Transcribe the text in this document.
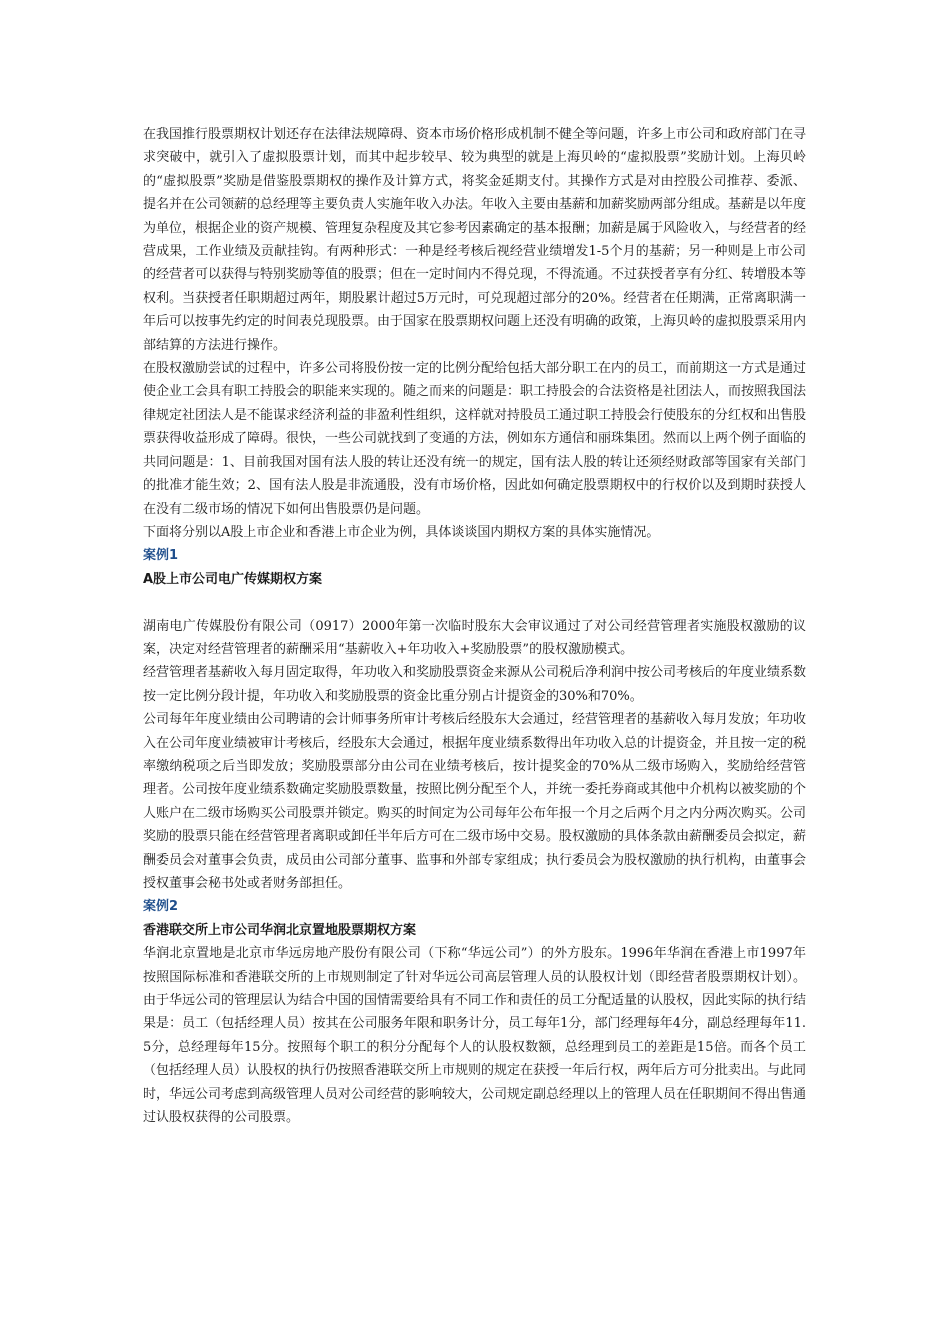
在我国推行股票期权计划还存在法律法规障碍、资本市场价格形成机制不健全等问题，许多上市公司和政府部门在寻求突破中，就引入了虚拟股票计划，而其中起步较早、较为典型的就是上海贝岭的“虚拟股票”奖励计划。上海贝岭的“虚拟股票”奖励是借鉴股票期权的操作及计算方式，将奖金延期支付。其操作方式是对由控股公司推荐、委派、提名并在公司领薪的总经理等主要负责人实施年收入办法。年收入主要由基薪和加薪奖励两部分组成。基薪是以年度为单位，根据企业的资产规模、管理复杂程度及其它参考因素确定的基本报酬；加薪是属于风险收入，与经营者的经营成果，工作业绩及贡献挂钩。有两种形式：一种是经考核后视经营业绩增发1-5个月的基薪；另一种则是上市公司的经营者可以获得与特别奖励等值的股票；但在一定时间内不得兑现，不得流通。不过获授者享有分红、转增股本等权利。当获授者任职期超过两年，期股累计超过5万元时，可兑现超过部分的20%。经营者在任期满，正常离职满一年后可以按事先约定的时间表兑现股票。由于国家在股票期权问题上还没有明确的政策，上海贝岭的虚拟股票采用内部结算的方法进行操作。

在股权激励尝试的过程中，许多公司将股份按一定的比例分配给包括大部分职工在内的员工，而前期这一方式是通过使企业工会具有职工持股会的职能来实现的。随之而来的问题是：职工持股会的合法资格是社团法人，而按照我国法律规定社团法人是不能谋求经济利益的非盈利性组织，这样就对持股员工通过职工持股会行使股东的分红权和出售股票获得收益形成了障碍。很快，一些公司就找到了变通的方法，例如东方通信和丽珠集团。然而以上两个例子面临的共同问题是：1、目前我国对国有法人股的转让还没有统一的规定，国有法人股的转让还须经财政部等国家有关部门的批准才能生效；2、国有法人股是非流通股，没有市场价格，因此如何确定股票期权中的行权价以及到期时获授人在没有二级市场的情况下如何出售股票仍是问题。

下面将分别以A股上市企业和香港上市企业为例，具体谈谈国内期权方案的具体实施情况。

案例1

A股上市公司电广传媒期权方案

湖南电广传媒股份有限公司（0917）2000年第一次临时股东大会审议通过了对公司经营管理者实施股权激励的议案，决定对经营管理者的薪酬采用“基薪收入+年功收入+奖励股票”的股权激励模式。

经营管理者基薪收入每月固定取得，年功收入和奖励股票资金来源从公司税后净利润中按公司考核后的年度业绩系数按一定比例分段计提，年功收入和奖励股票的资金比重分别占计提资金的30%和70%。

公司每年年度业绩由公司聘请的会计师事务所审计考核后经股东大会通过，经营管理者的基薪收入每月发放；年功收入在公司年度业绩被审计考核后，经股东大会通过，根据年度业绩系数得出年功收入总的计提资金，并且按一定的税率缴纳税项之后当即发放；奖励股票部分由公司在业绩考核后，按计提奖金的70%从二级市场购入，奖励给经营管理者。公司按年度业绩系数确定奖励股票数量，按照比例分配至个人，并统一委托券商或其他中介机构以被奖励的个人账户在二级市场购买公司股票并锁定。购买的时间定为公司每年公布年报一个月之后两个月之内分两次购买。公司奖励的股票只能在经营管理者离职或卸任半年后方可在二级市场中交易。股权激励的具体条款由薪酬委员会拟定，薪酬委员会对董事会负责，成员由公司部分董事、监事和外部专家组成；执行委员会为股权激励的执行机构，由董事会授权董事会秘书处或者财务部担任。

案例2

香港联交所上市公司华润北京置地股票期权方案

华润北京置地是北京市华远房地产股份有限公司（下称“华远公司”）的外方股东。1996年华润在香港上市1997年按照国际标准和香港联交所的上市规则制定了针对华远公司高层管理人员的认股权计划（即经营者股票期权计划）。由于华远公司的管理层认为结合中国的国情需要给具有不同工作和责任的员工分配适量的认股权，因此实际的执行结果是：员工（包括经理人员）按其在公司服务年限和职务计分，员工每年1分，部门经理每年4分，副总经理每年11.5分，总经理每年15分。按照每个职工的积分分配每个人的认股权数额，总经理到员工的差距是15倍。而各个员工（包括经理人员）认股权的执行仍按照香港联交所上市规则的规定在获授一年后行权，两年后方可分批卖出。与此同时，华远公司考虑到高级管理人员对公司经营的影响较大，公司规定副总经理以上的管理人员在任职期间不得出售通过认股权获得的公司股票。
